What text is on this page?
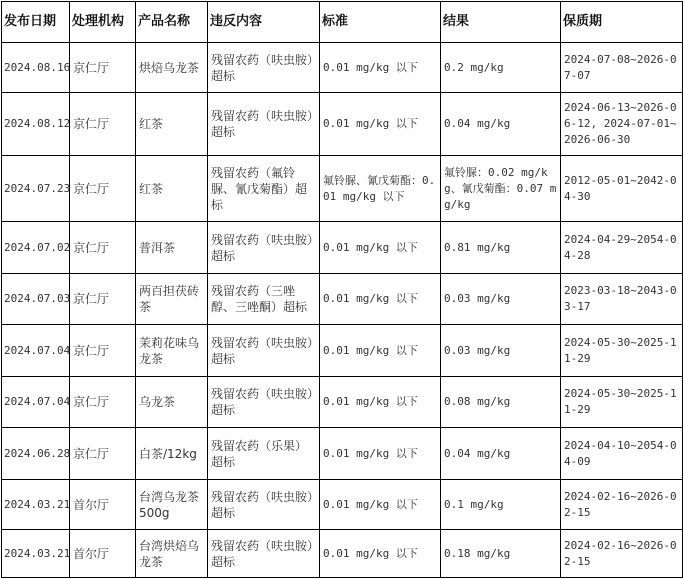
发布日期	处理机构	产品名称	违反内容	标准	结果	保质期
2024.08.16	京仁厅	烘焙乌龙茶	残留农药（呋虫胺）超标	0.01 mg/kg 以下	0.2 mg/kg	2024-07-08~2026-07-07
2024.08.12	京仁厅	红茶	残留农药（呋虫胺）超标	0.01 mg/kg 以下	0.04 mg/kg	2024-06-13~2026-06-12, 2024-07-01~2026-06-30
2024.07.23	京仁厅	红茶	残留农药（氟铃脲、氰戊菊酯）超标	氟铃脲、氰戊菊酯：0.01 mg/kg 以下	氟铃脲：0.02 mg/kg、氰戊菊酯：0.07 mg/kg	2012-05-01~2042-04-30
2024.07.02	京仁厅	普洱茶	残留农药（呋虫胺）超标	0.01 mg/kg 以下	0.81 mg/kg	2024-04-29~2054-04-28
2024.07.03	京仁厅	两百担茯砖茶	残留农药（三唑醇、三唑酮）超标	0.01 mg/kg 以下	0.03 mg/kg	2023-03-18~2043-03-17
2024.07.04	京仁厅	茉莉花味乌龙茶	残留农药（呋虫胺）超标	0.01 mg/kg 以下	0.03 mg/kg	2024-05-30~2025-11-29
2024.07.04	京仁厅	乌龙茶	残留农药（呋虫胺）超标	0.01 mg/kg 以下	0.08 mg/kg	2024-05-30~2025-11-29
2024.06.28	京仁厅	白茶/12kg	残留农药（乐果）超标	0.01 mg/kg 以下	0.04 mg/kg	2024-04-10~2054-04-09
2024.03.21	首尔厅	台湾乌龙茶500g	残留农药（呋虫胺）超标	0.01 mg/kg 以下	0.1 mg/kg	2024-02-16~2026-02-15
2024.03.21	首尔厅	台湾烘焙乌龙茶	残留农药（呋虫胺）超标	0.01 mg/kg 以下	0.18 mg/kg	2024-02-16~2026-02-15
